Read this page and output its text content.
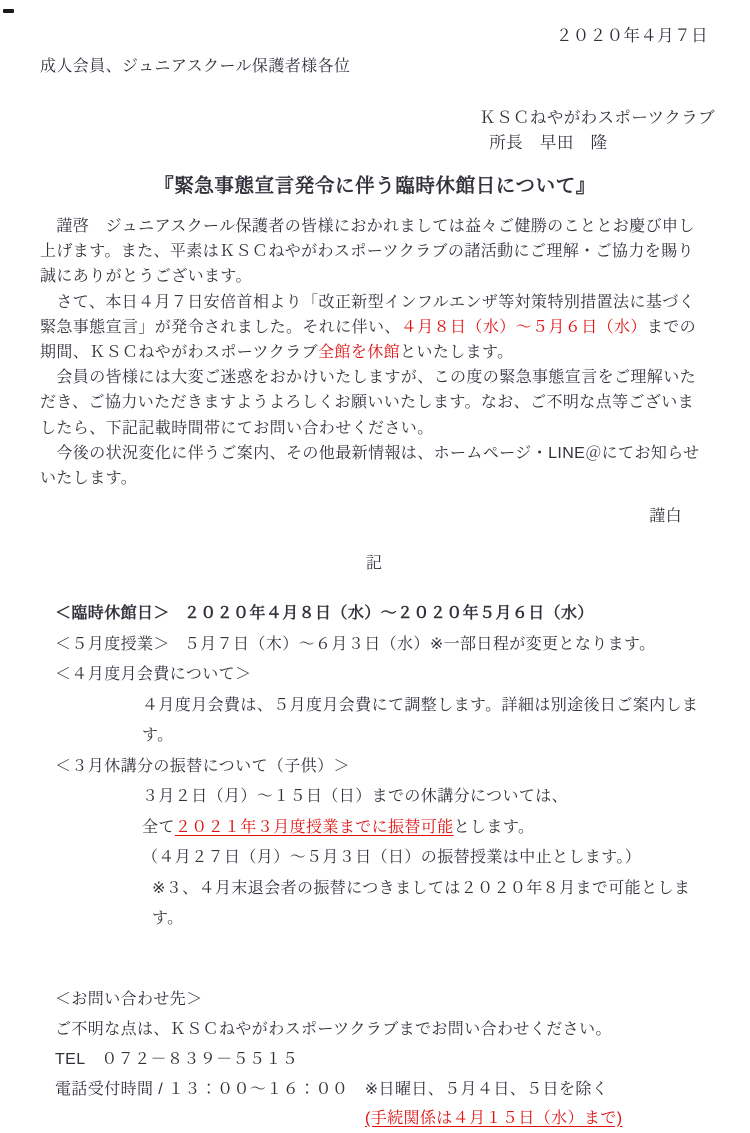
２０２０年４月７日
成人会員、ジュニアスクール保護者様各位
ＫＳＣねやがわスポーツクラブ
所長　早田　隆
『緊急事態宣言発令に伴う臨時休館日について』

　謹啓　ジュニアスクール保護者の皆様におかれましては益々ご健勝のこととお慶び申し上げます。また、平素はＫＳＣねやがわスポーツクラブの諸活動にご理解・ご協力を賜り誠にありがとうございます。

　さて、本日４月７日安倍首相より「改正新型インフルエンザ等対策特別措置法に基づく緊急事態宣言」が発令されました。それに伴い、４月８日（水）～５月６日（水）までの期間、ＫＳＣねやがわスポーツクラブ全館を休館といたします。

　会員の皆様には大変ご迷惑をおかけいたしますが、この度の緊急事態宣言をご理解いただき、ご協力いただきますようよろしくお願いいたします。なお、ご不明な点等ございましたら、下記記載時間帯にてお問い合わせください。

　今後の状況変化に伴うご案内、その他最新情報は、ホームページ・LINE＠にてお知らせいたします。

謹白
記
＜臨時休館日＞ ２０２０年４月８日（水）～２０２０年５月６日（水）
＜５月度授業＞ ５月７日（木）～６月３日（水）※一部日程が変更となります。
＜４月度月会費について＞
４月度月会費は、５月度月会費にて調整します。詳細は別途後日ご案内します。
＜３月休講分の振替について（子供）＞
３月２日（月）～１５日（日）までの休講分については、
全て２０２１年３月度授業までに振替可能とします。
（４月２７日（月）～５月３日（日）の振替授業は中止とします。）
※３、４月末退会者の振替につきましては２０２０年８月まで可能とします。
＜お問い合わせ先＞
ご不明な点は、ＫＳＣねやがわスポーツクラブまでお問い合わせください。
TEL　０７２－８３９－５５１５
電話受付時間 / １３：００～１６：００　※日曜日、５月４日、５日を除く
(手続関係は４月１５日（水）まで)
